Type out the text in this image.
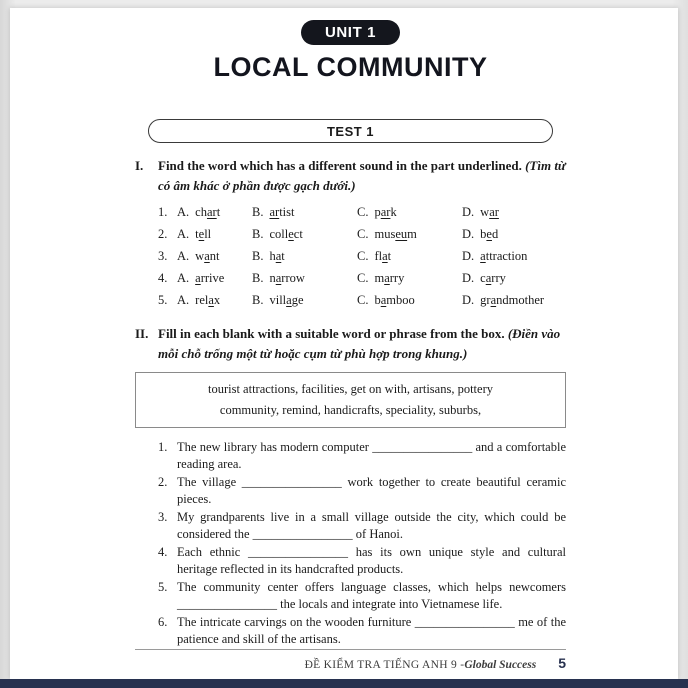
UNIT 1
LOCAL COMMUNITY
TEST 1
I.	Find the word which has a different sound in the part underlined. (Tìm từ có âm khác ở phần được gạch dưới.)
1. A. chart	B. artist	C. park	D. war
2. A. tell	B. collect	C. museum	D. bed
3. A. want	B. hat	C. flat	D. attraction
4. A. arrive	B. narrow	C. marry	D. carry
5. A. relax	B. village	C. bamboo	D. grandmother
II. Fill in each blank with a suitable word or phrase from the box. (Điền vào mỗi chỗ trống một từ hoặc cụm từ phù hợp trong khung.)
tourist attractions, facilities, get on with, artisans, pottery
community, remind, handicrafts, speciality, suburbs,
1. The new library has modern computer ________________ and a comfortable reading area.
2. The village ________________ work together to create beautiful ceramic pieces.
3. My grandparents live in a small village outside the city, which could be considered the ________________ of Hanoi.
4. Each ethnic ________________ has its own unique style and cultural heritage reflected in its handcrafted products.
5. The community center offers language classes, which helps newcomers ________________ the locals and integrate into Vietnamese life.
6. The intricate carvings on the wooden furniture ________________ me of the patience and skill of the artisans.
ĐỀ KIỂM TRA TIẾNG ANH 9 - Global Success 5
